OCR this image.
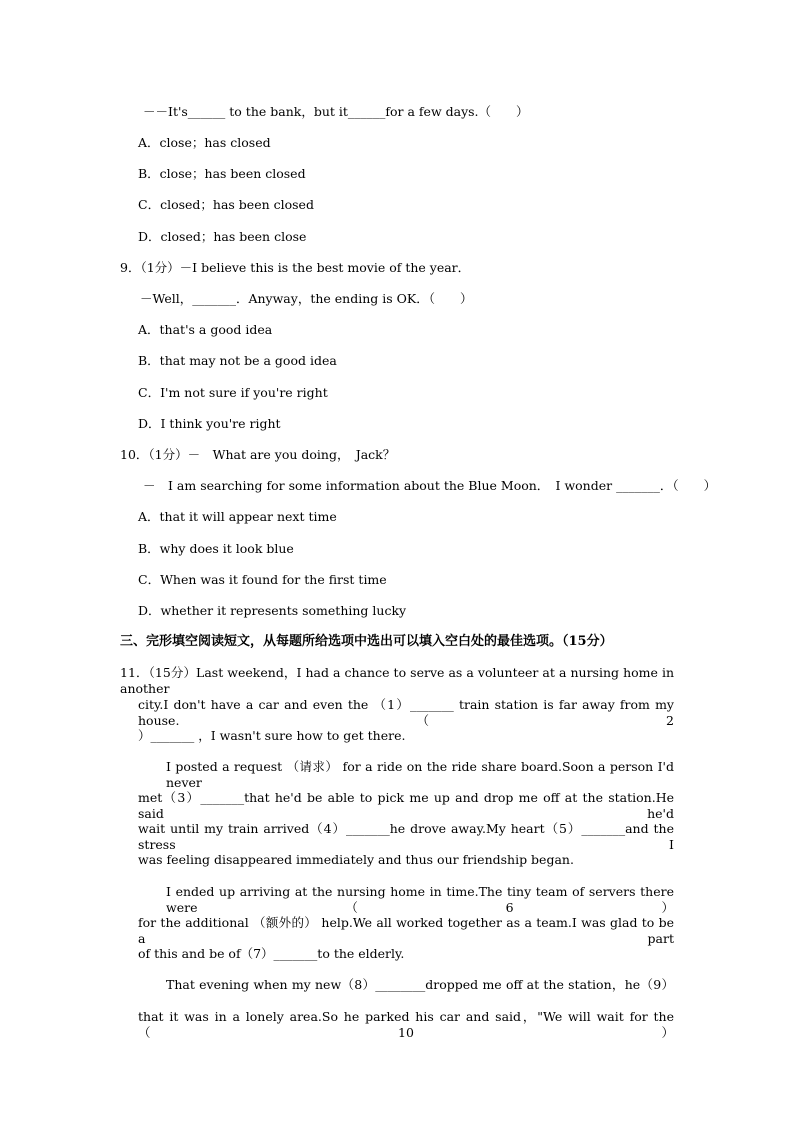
－－It's______ to the bank，but it______for a few days.（　　）
A．close；has closed
B．close；has been closed
C．closed；has been closed
D．closed；has been close
9．（1分）－I believe this is the best movie of the year．
－Well，_______．Anyway，the ending is OK．（　　）
A．that's a good idea
B．that may not be a good idea
C．I'm not sure if you're right
D．I think you're right
10．（1分）－　What are you doing，　Jack？
－　I am searching for some information about the Blue Moon．　I wonder _______．（　　）
A．that it will appear next time
B．why does it look blue
C．When was it found for the first time
D．whether it represents something lucky
三、完形填空阅读短文，从每题所给选项中选出可以填入空白处的最佳选项。（15分）
11．（15分）Last weekend，I had a chance to serve as a volunteer at a nursing home in another
city.I don't have a car and even the （1）_______ train station is far away from my house.（2
）_______ ，I wasn't sure how to get there.
I posted a request （请求） for a ride on the ride share board.Soon a person I'd never
met（3）_______that he'd be able to pick me up and drop me off at the station.He said he'd
wait until my train arrived（4）_______he drove away.My heart（5）_______and the stress I
was feeling disappeared immediately and thus our friendship began.
I ended up arriving at the nursing home in time.The tiny team of servers there were（6）
for the additional （额外的） help.We all worked together as a team.I was glad to be a part
of this and be of（7）_______to the elderly.
That evening when my new（8）________dropped me off at the station，he（9）
that it was in a lonely area.So he parked his car and said，"We will wait for the（10）
